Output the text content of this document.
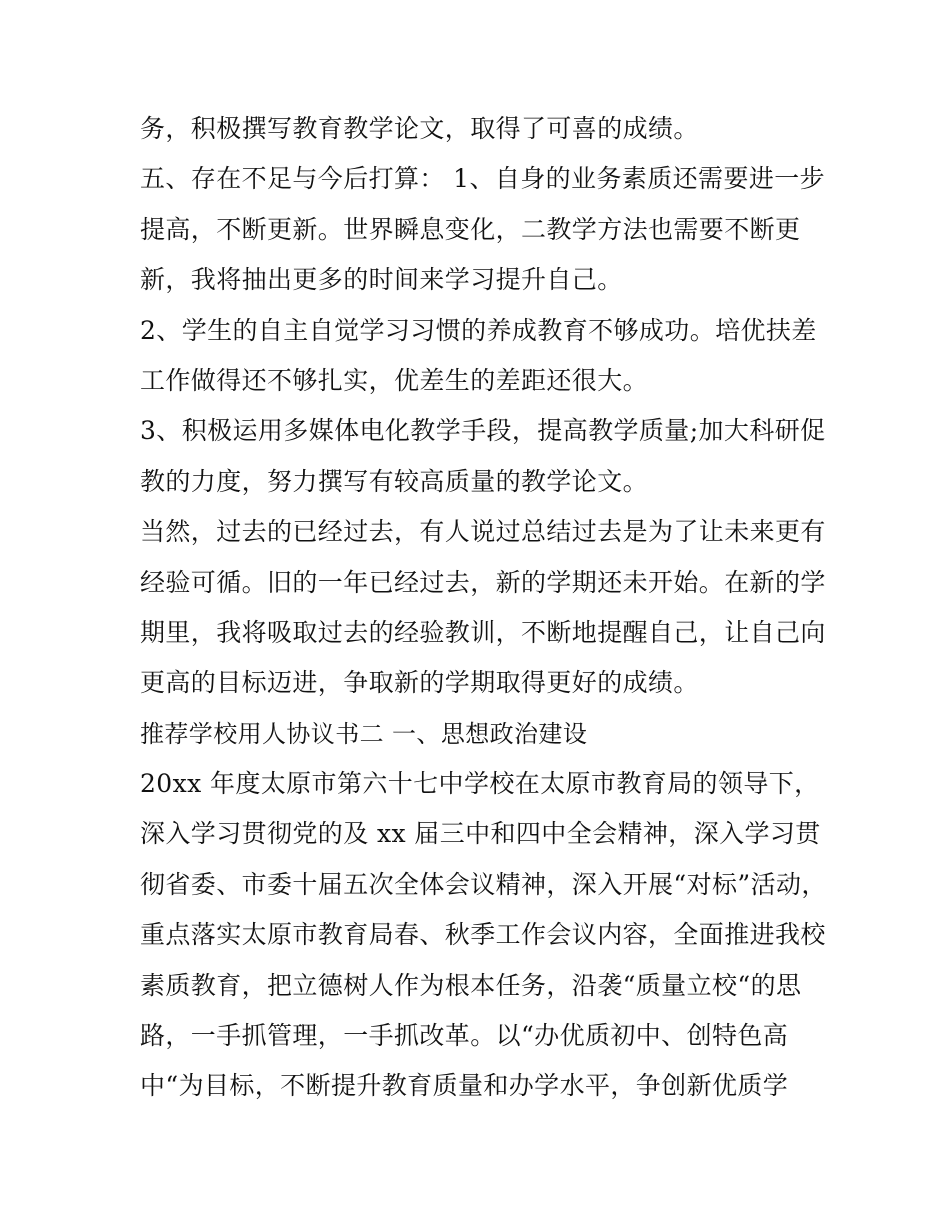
务，积极撰写教育教学论文，取得了可喜的成绩。

五、存在不足与今后打算： 1、自身的业务素质还需要进一步

提高，不断更新。世界瞬息变化，二教学方法也需要不断更

新，我将抽出更多的时间来学习提升自己。

2、学生的自主自觉学习习惯的养成教育不够成功。培优扶差

工作做得还不够扎实，优差生的差距还很大。

3、积极运用多媒体电化教学手段，提高教学质量;加大科研促

教的力度，努力撰写有较高质量的教学论文。

当然，过去的已经过去，有人说过总结过去是为了让未来更有

经验可循。旧的一年已经过去，新的学期还未开始。在新的学

期里，我将吸取过去的经验教训，不断地提醒自己，让自己向

更高的目标迈进，争取新的学期取得更好的成绩。

推荐学校用人协议书二 一、思想政治建设

20xx 年度太原市第六十七中学校在太原市教育局的领导下，

深入学习贯彻党的及 xx 届三中和四中全会精神，深入学习贯

彻省委、市委十届五次全体会议精神，深入开展“对标”活动，

重点落实太原市教育局春、秋季工作会议内容，全面推进我校

素质教育，把立德树人作为根本任务，沿袭“质量立校“的思

路，一手抓管理，一手抓改革。以“办优质初中、创特色高

中“为目标，不断提升教育质量和办学水平，争创新优质学
